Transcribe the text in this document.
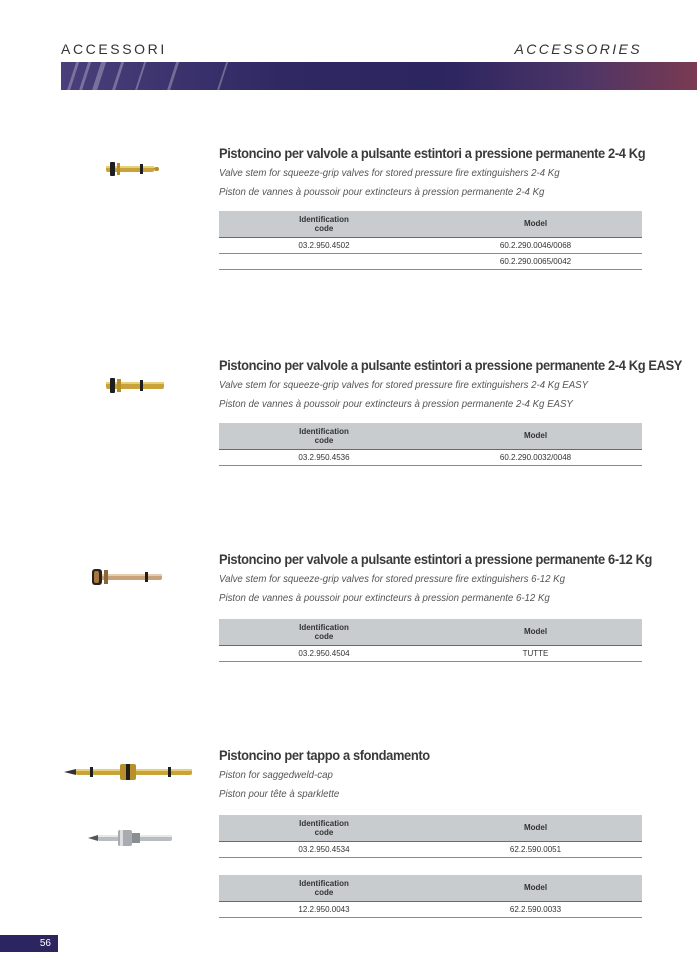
ACCESSORI	ACCESSORIES
Pistoncino per valvole a pulsante estintori a pressione permanente 2-4 Kg
Valve stem for squeeze-grip valves for stored pressure fire extinguishers 2-4 Kg
Piston de vannes à poussoir pour extincteurs à pression permanente 2-4 Kg
Identification
code	Model
03.2.950.4502	60.2.290.0046/0068
	60.2.290.0065/0042
Pistoncino per valvole a pulsante estintori a pressione permanente 2-4 Kg EASY
Valve stem for squeeze-grip valves for stored pressure fire extinguishers 2-4 Kg EASY
Piston de vannes à poussoir pour extincteurs à pression permanente 2-4 Kg EASY
Identification
code	Model
03.2.950.4536	60.2.290.0032/0048
Pistoncino per valvole a pulsante estintori a pressione permanente 6-12 Kg
Valve stem for squeeze-grip valves for stored pressure fire extinguishers 6-12 Kg
Piston de vannes à poussoir pour extincteurs à pression permanente 6-12 Kg
Identification
code	Model
03.2.950.4504	TUTTE
Pistoncino per tappo a sfondamento
Piston for saggedweld-cap
Piston pour tête à sparklette
Identification
code	Model
03.2.950.4534	62.2.590.0051
Identification
code	Model
12.2.950.0043	62.2.590.0033
56
